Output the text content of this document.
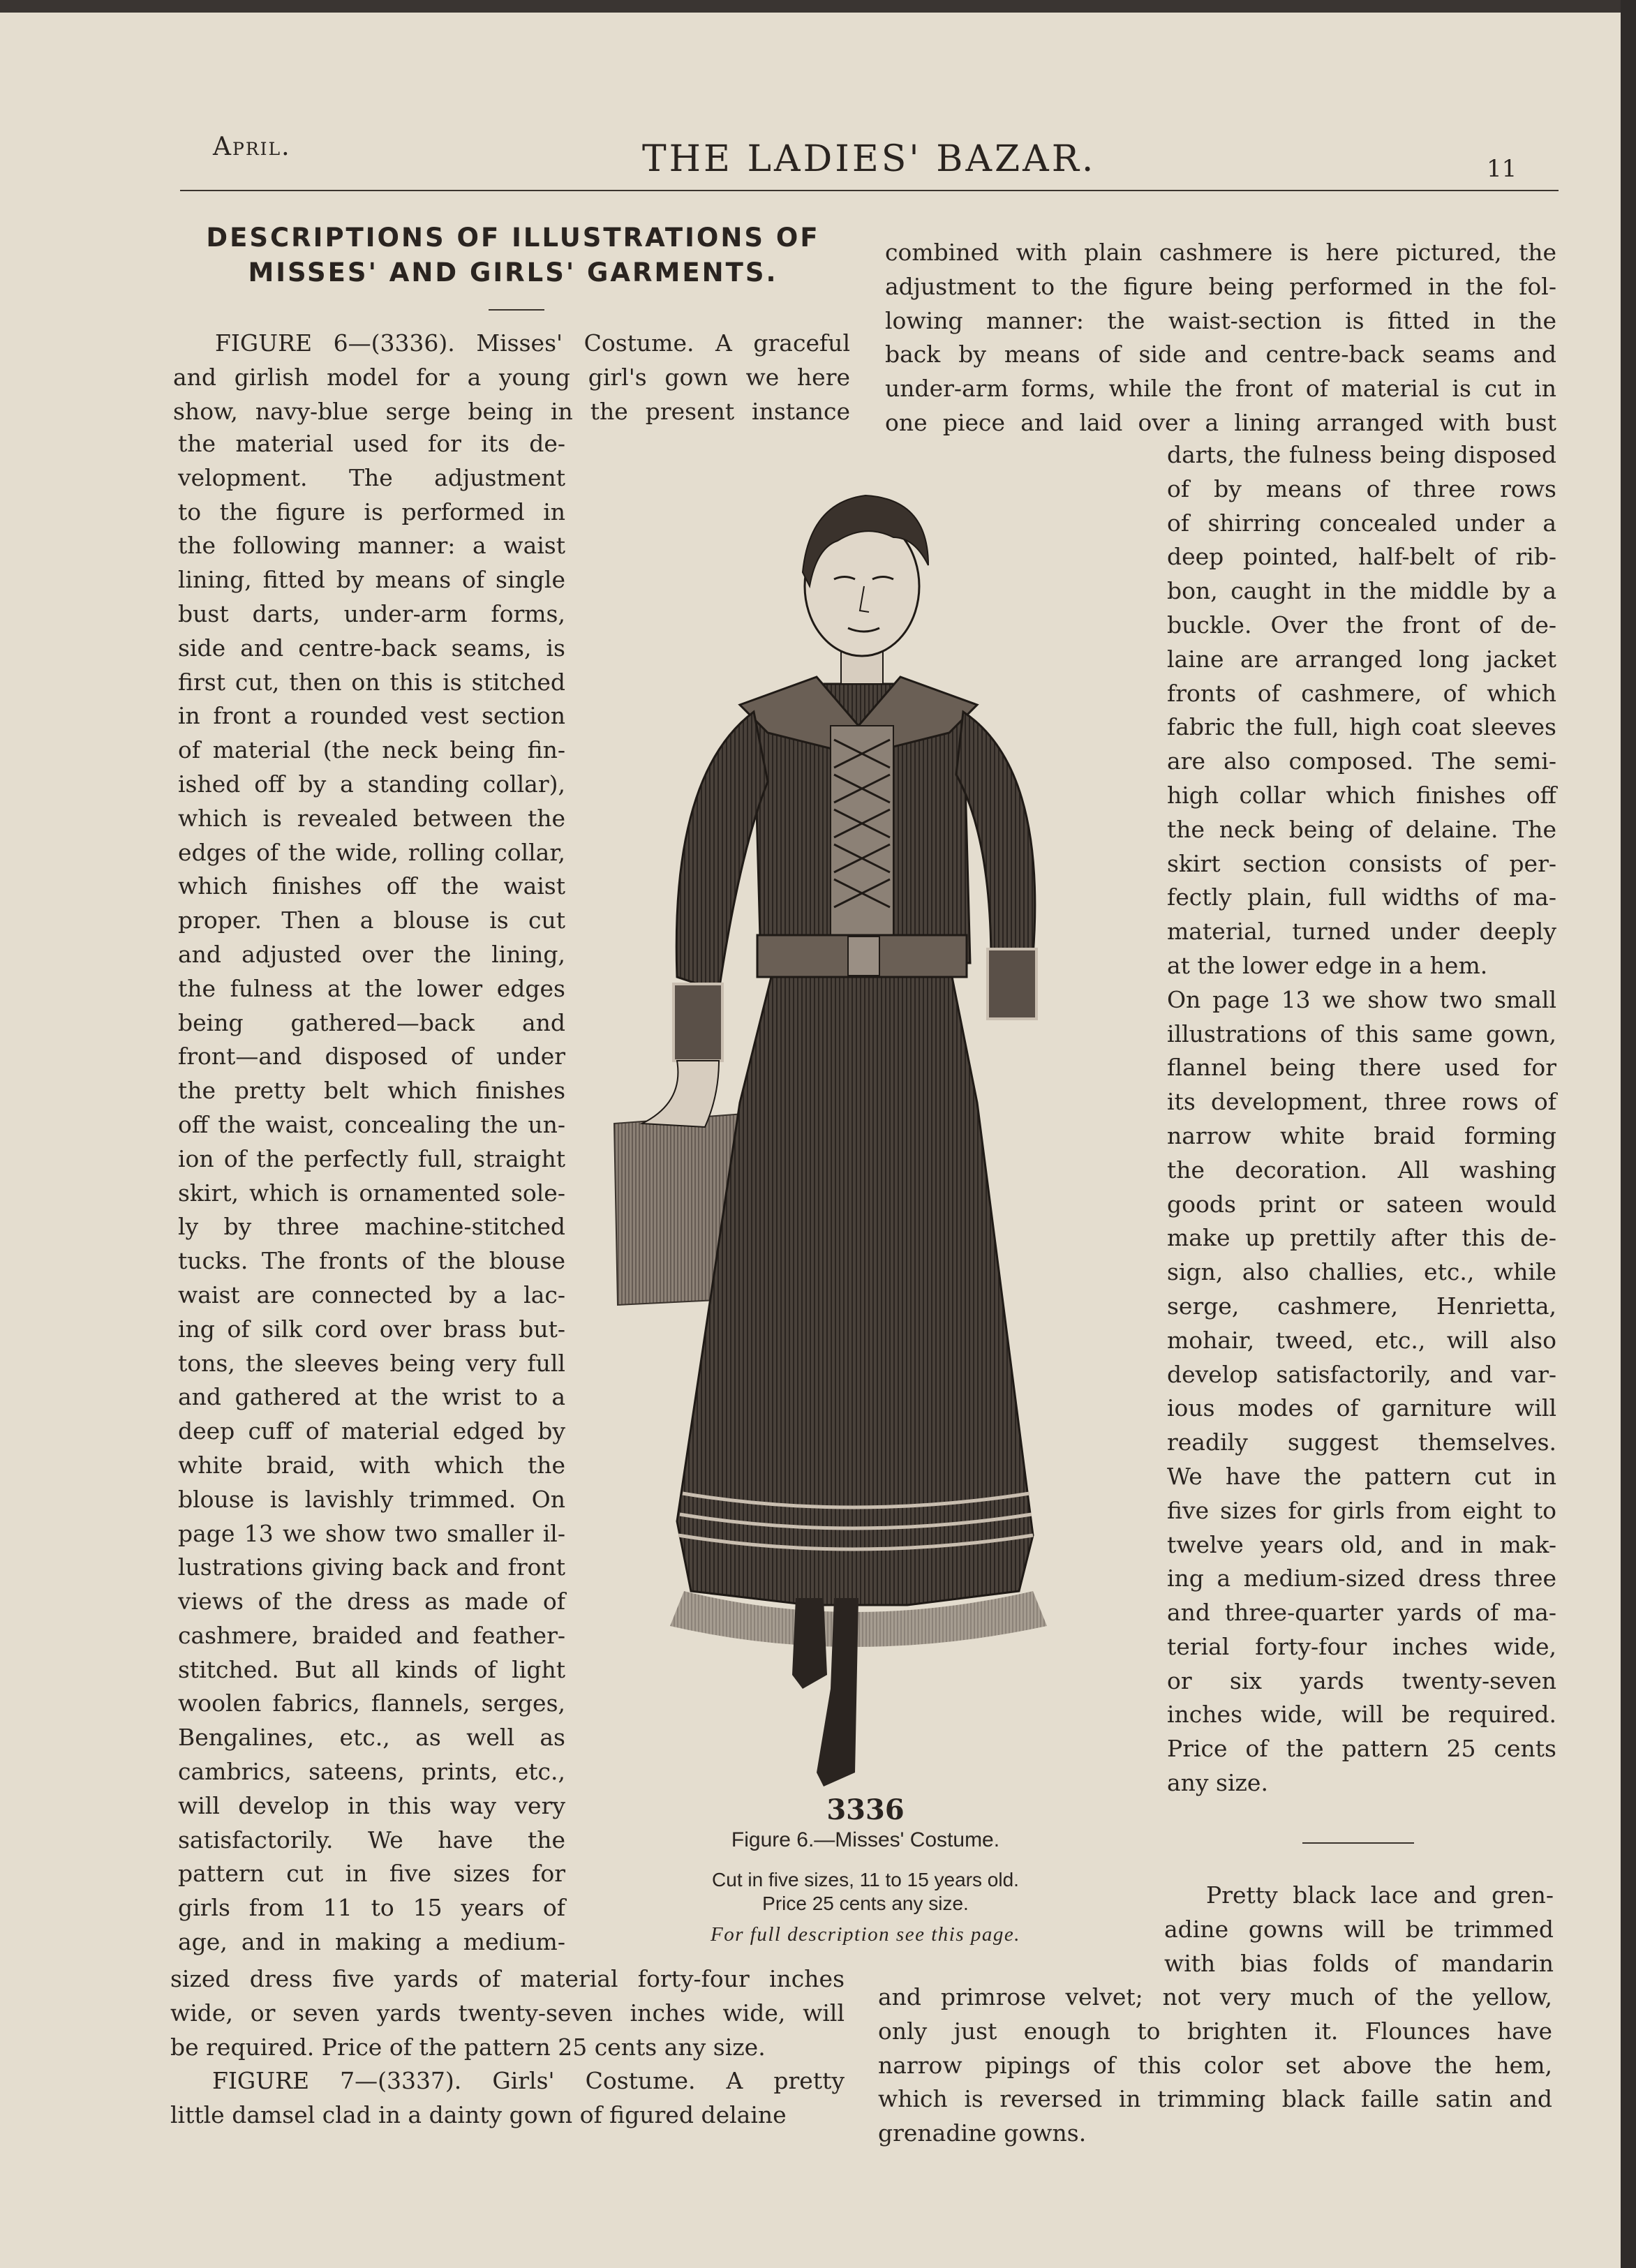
April.	THE LADIES' BAZAR.	11
DESCRIPTIONS OF ILLUSTRATIONS OF
MISSES' AND GIRLS' GARMENTS.
FIGURE 6—(3336). Misses' Costume. A graceful
and girlish model for a young girl's gown we here
show, navy-blue serge being in the present instance
the material used for its de-
velopment. The adjustment
to the figure is performed in
the following manner: a waist
lining, fitted by means of single
bust darts, under-arm forms,
side and centre-back seams, is
first cut, then on this is stitched
in front a rounded vest section
of material (the neck being fin-
ished off by a standing collar),
which is revealed between the
edges of the wide, rolling collar,
which finishes off the waist
proper. Then a blouse is cut
and adjusted over the lining,
the fulness at the lower edges
being gathered—back and
front—and disposed of under
the pretty belt which finishes
off the waist, concealing the un-
ion of the perfectly full, straight
skirt, which is ornamented sole-
ly by three machine-stitched
tucks. The fronts of the blouse
waist are connected by a lac-
ing of silk cord over brass but-
tons, the sleeves being very full
and gathered at the wrist to a
deep cuff of material edged by
white braid, with which the
blouse is lavishly trimmed. On
page 13 we show two smaller il-
lustrations giving back and front
views of the dress as made of
cashmere, braided and feather-
stitched. But all kinds of light
woolen fabrics, flannels, serges,
Bengalines, etc., as well as
cambrics, sateens, prints, etc.,
will develop in this way very
satisfactorily. We have the
pattern cut in five sizes for
girls from 11 to 15 years of
age, and in making a medium-
sized dress five yards of material forty-four inches
wide, or seven yards twenty-seven inches wide, will
be required. Price of the pattern 25 cents any size.
FIGURE 7—(3337). Girls' Costume. A pretty
little damsel clad in a dainty gown of figured delaine
combined with plain cashmere is here pictured, the
adjustment to the figure being performed in the fol-
lowing manner: the waist-section is fitted in the
back by means of side and centre-back seams and
under-arm forms, while the front of material is cut in
one piece and laid over a lining arranged with bust
darts, the fulness being disposed
of by means of three rows
of shirring concealed under a
deep pointed, half-belt of rib-
bon, caught in the middle by a
buckle. Over the front of de-
laine are arranged long jacket
fronts of cashmere, of which
fabric the full, high coat sleeves
are also composed. The semi-
high collar which finishes off
the neck being of delaine. The
skirt section consists of per-
fectly plain, full widths of ma-
material, turned under deeply
at the lower edge in a hem.
On page 13 we show two small
illustrations of this same gown,
flannel being there used for
its development, three rows of
narrow white braid forming
the decoration. All washing
goods print or sateen would
make up prettily after this de-
sign, also challies, etc., while
serge, cashmere, Henrietta,
mohair, tweed, etc., will also
develop satisfactorily, and var-
ious modes of garniture will
readily suggest themselves.
We have the pattern cut in
five sizes for girls from eight to
twelve years old, and in mak-
ing a medium-sized dress three
and three-quarter yards of ma-
terial forty-four inches wide,
or six yards twenty-seven
inches wide, will be required.
Price of the pattern 25 cents
any size.
Pretty black lace and gren-
adine gowns will be trimmed
with bias folds of mandarin
and primrose velvet; not very much of the yellow,
only just enough to brighten it. Flounces have
narrow pipings of this color set above the hem,
which is reversed in trimming black faille satin and
grenadine gowns.
3336
Figure 6.—Misses' Costume.
Cut in five sizes, 11 to 15 years old.
Price 25 cents any size.
For full description see this page.
